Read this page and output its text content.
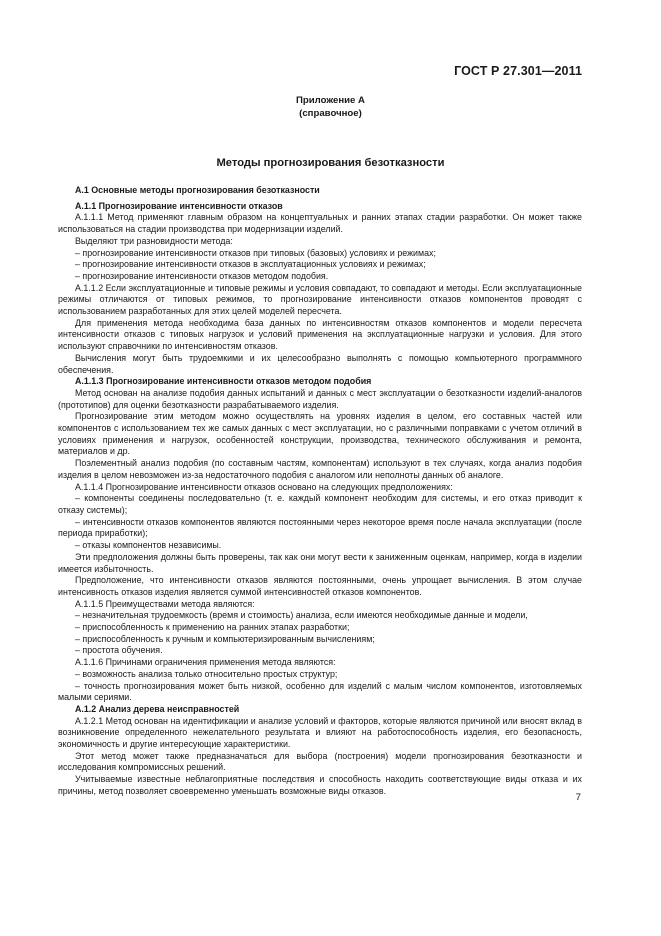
ГОСТ Р 27.301—2011
Приложение А
(справочное)
Методы прогнозирования безотказности

А.1 Основные методы прогнозирования безотказности

А.1.1 Прогнозирование интенсивности отказов

А.1.1.1 Метод применяют главным образом на концептуальных и ранних этапах стадии разработки. Он может также использоваться на стадии производства при модернизации изделий.

Выделяют три разновидности метода:

– прогнозирование интенсивности отказов при типовых (базовых) условиях и режимах;

– прогнозирование интенсивности отказов в эксплуатационных условиях и режимах;

– прогнозирование интенсивности отказов методом подобия.

А.1.1.2 Если эксплуатационные и типовые режимы и условия совпадают, то совпадают и методы. Если эксплуатационные режимы отличаются от типовых режимов, то прогнозирование интенсивности отказов компонентов проводят с использованием разработанных для этих целей моделей пересчета.

Для применения метода необходима база данных по интенсивностям отказов компонентов и модели пересчета интенсивности отказов с типовых нагрузок и условий применения на эксплуатационные нагрузки и условия. Для этого используют справочники по интенсивностям отказов.

Вычисления могут быть трудоемкими и их целесообразно выполнять с помощью компьютерного программного обеспечения.

А.1.1.3 Прогнозирование интенсивности отказов методом подобия

Метод основан на анализе подобия данных испытаний и данных с мест эксплуатации о безотказности изделий-аналогов (прототипов) для оценки безотказности разрабатываемого изделия.

Прогнозирование этим методом можно осуществлять на уровнях изделия в целом, его составных частей или компонентов с использованием тех же самых данных с мест эксплуатации, но с различными поправками с учетом отличий в условиях применения и нагрузок, особенностей конструкции, производства, технического обслуживания и ремонта, материалов и др.

Поэлементный анализ подобия (по составным частям, компонентам) используют в тех случаях, когда анализ подобия изделия в целом невозможен из-за недостаточного подобия с аналогом или неполноты данных об аналоге.

А.1.1.4 Прогнозирование интенсивности отказов основано на следующих предположениях:

– компоненты соединены последовательно (т. е. каждый компонент необходим для системы, и его отказ приводит к отказу системы);

– интенсивности отказов компонентов являются постоянными через некоторое время после начала эксплуатации (после периода приработки);

– отказы компонентов независимы.

Эти предположения должны быть проверены, так как они могут вести к заниженным оценкам, например, когда в изделии имеется избыточность.

Предположение, что интенсивности отказов являются постоянными, очень упрощает вычисления. В этом случае интенсивность отказов изделия является суммой интенсивностей отказов компонентов.

А.1.1.5 Преимуществами метода являются:

– незначительная трудоемкость (время и стоимость) анализа, если имеются необходимые данные и модели,

– приспособленность к применению на ранних этапах разработки;

– приспособленность к ручным и компьютеризированным вычислениям;

– простота обучения.

А.1.1.6 Причинами ограничения применения метода являются:

– возможность анализа только относительно простых структур;

– точность прогнозирования может быть низкой, особенно для изделий с малым числом компонентов, изготовляемых малыми сериями.

А.1.2 Анализ дерева неисправностей

А.1.2.1 Метод основан на идентификации и анализе условий и факторов, которые являются причиной или вносят вклад в возникновение определенного нежелательного результата и влияют на работоспособность изделия, его безопасность, экономичность и другие интересующие характеристики.

Этот метод может также предназначаться для выбора (построения) модели прогнозирования безотказности и исследования компромиссных решений.

Учитываемые известные неблагоприятные последствия и способность находить соответствующие виды отказа и их причины, метод позволяет своевременно уменьшать возможные виды отказов.

7
